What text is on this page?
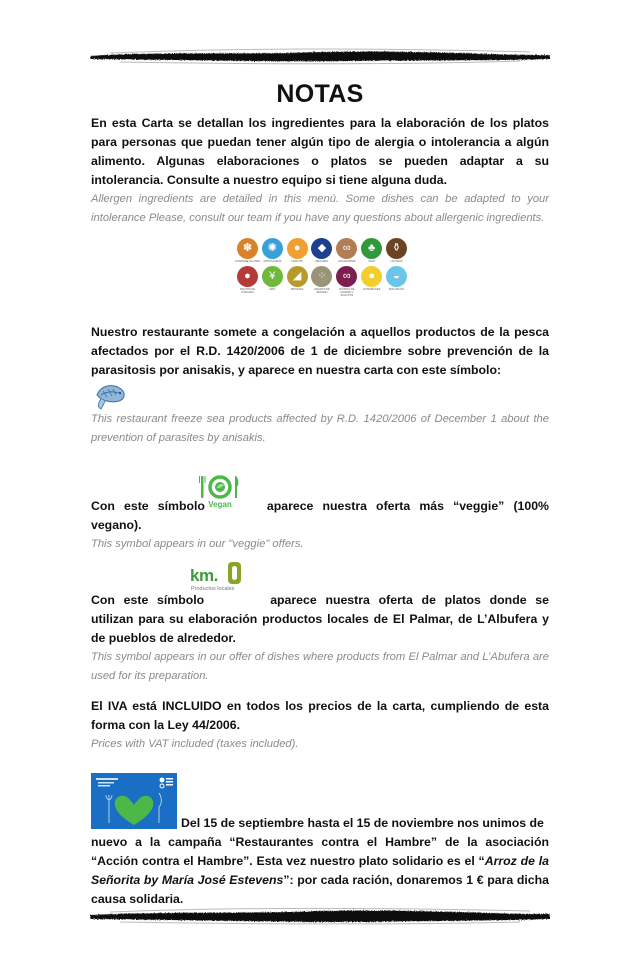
NOTAS
En esta Carta se detallan los ingredientes para la elaboración de los platos para personas que puedan tener algún tipo de alergia o intolerancia a algún alimento. Algunas elaboraciones o platos se pueden adaptar a su intolerancia. Consulte a nuestro equipo si tiene alguna duda.
Allergen ingredients are detailed in this menú. Some dishes can be adapted to your intolerance Please, consult our team if you have any questions about allergenic ingredients.
✽
CONTIENE GLUTEN
✺
CRUSTÁCEOS
●
HUEVOS
◆
PESCADO
∞
CACAHUETES
♣
SOJA
⚱
LÁCTEOS
●
FRUTOS DE CÁSCARA
¥
APIO
◢
MOSTAZA
⁘
GRANOS DE SÉSAMO
∞
DIÓXIDO DE AZUFRE Y SULFITOS
●
ALTRAMUCES
◒
MOLUSCOS
Nuestro restaurante somete a congelación a aquellos productos de la pesca afectados por el R.D. 1420/2006 de 1 de diciembre sobre prevención de la parasitosis por anisakis, y aparece en nuestra carta con este símbolo:
This restaurant freeze sea products affected by R.D. 1420/2006 of December 1 about the prevention of parasites by anisakis.
Vegan
Con este símbolo	aparece nuestra oferta más “veggie” (100% vegano).
This symbol appears in our "veggie" offers.
km.
Productos locales
Con este símbolo	aparece nuestra oferta de platos donde se utilizan para su elaboración productos locales de El Palmar, de L’Albufera y de pueblos de alrededor.
This symbol appears in our offer of dishes where products from El Palmar and L’Abufera are used for its preparation.
El IVA está INCLUIDO en todos los precios de la carta, cumpliendo de esta forma con la Ley 44/2006.
Prices with VAT included (taxes included).
Del 15 de septiembre hasta el 15 de noviembre nos unimos de
nuevo a la campaña “Restaurantes contra el Hambre” de la asociación “Acción contra el Hambre”. Esta vez nuestro plato solidario es el “Arroz de la Señorita by María José Estevens”: por cada ración, donaremos 1 € para dicha causa solidaria.
